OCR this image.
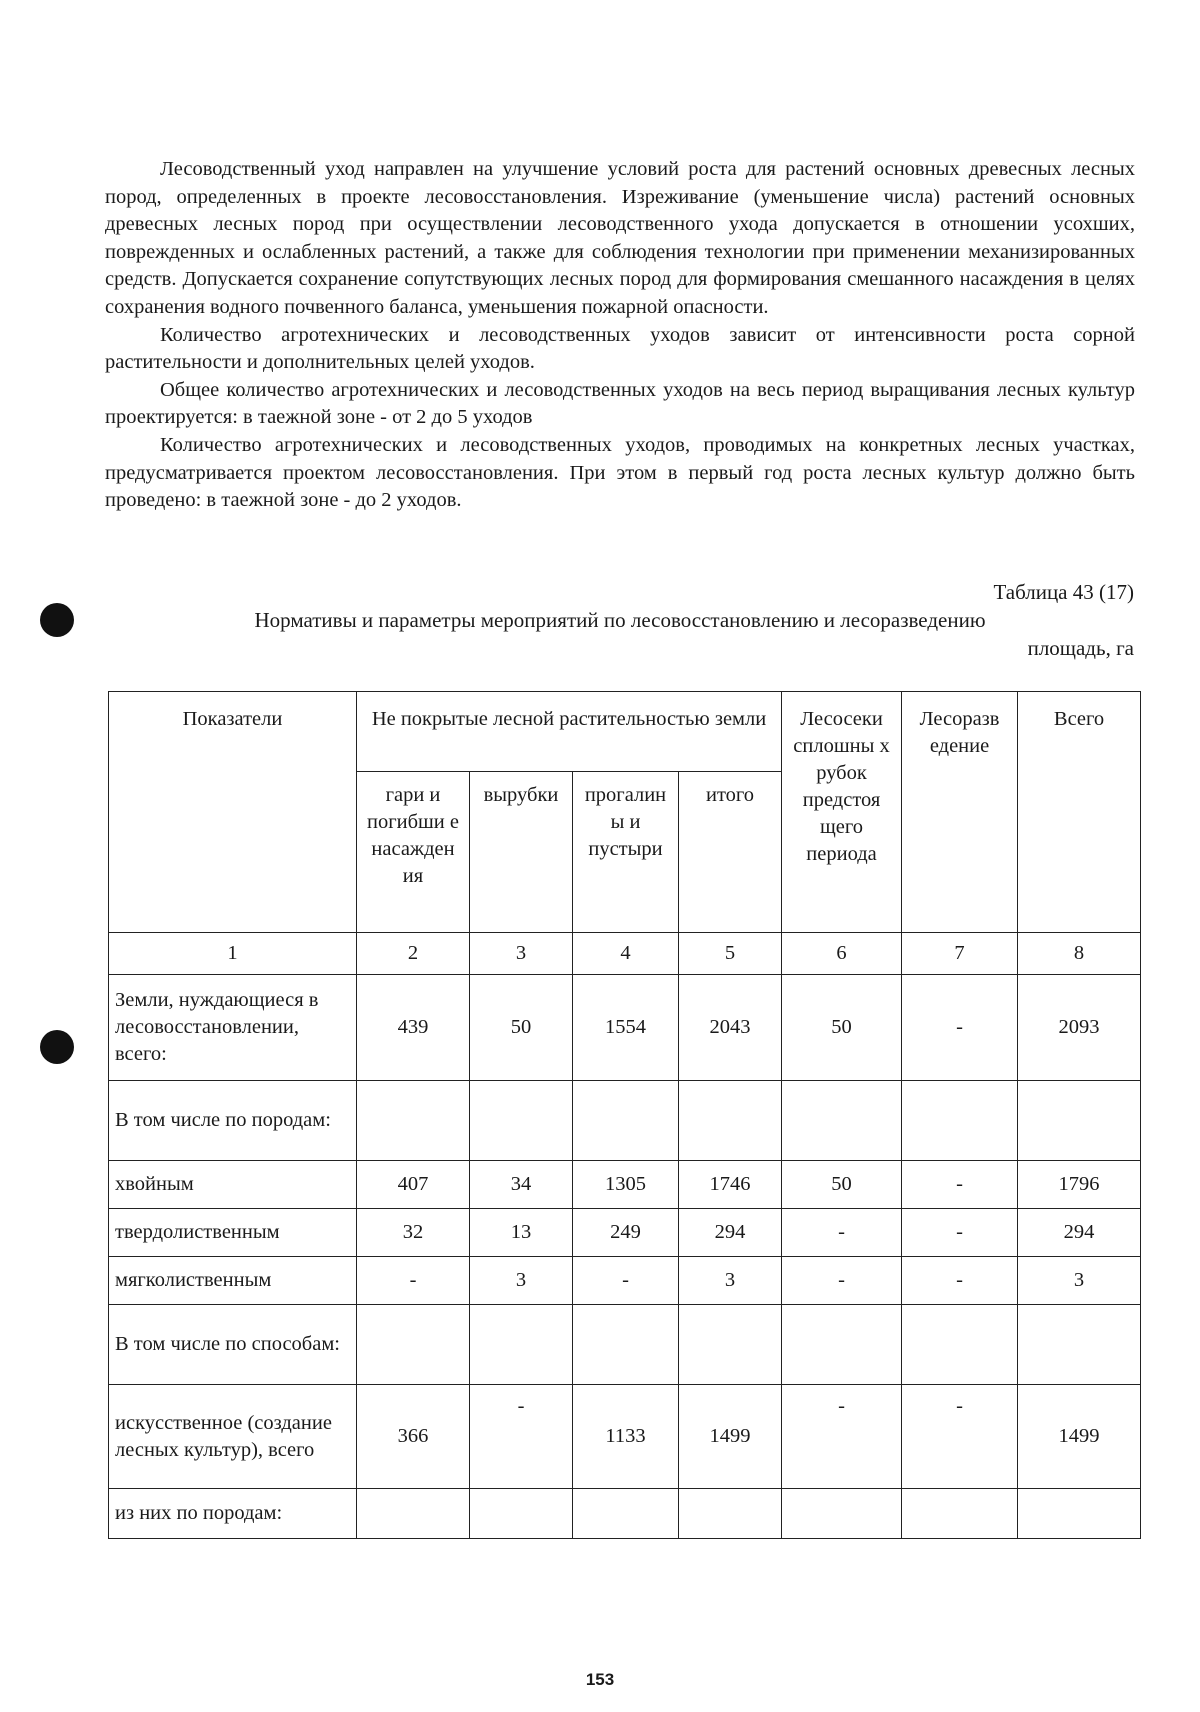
Лесоводственный уход направлен на улучшение условий роста для растений основных древесных лесных пород, определенных в проекте лесовосстановления. Изреживание (уменьшение числа) растений основных древесных лесных пород при осуществлении лесоводственного ухода допускается в отношении усохших, поврежденных и ослабленных растений, а также для соблюдения технологии при применении механизированных средств. Допускается сохранение сопутствующих лесных пород для формирования смешанного насаждения в целях сохранения водного почвенного баланса, уменьшения пожарной опасности.

Количество агротехнических и лесоводственных уходов зависит от интенсивности роста сорной растительности и дополнительных целей уходов.

Общее количество агротехнических и лесоводственных уходов на весь период выращивания лесных культур проектируется: в таежной зоне - от 2 до 5 уходов

Количество агротехнических и лесоводственных уходов, проводимых на конкретных лесных участках, предусматривается проектом лесовосстановления. При этом в первый год роста лесных культур должно быть проведено: в таежной зоне - до 2 уходов.

Таблица 43 (17)
Нормативы и параметры мероприятий по лесовосстановлению и лесоразведению
площадь, га
Показатели	Не покрытые лесной растительностью земли				Лесосеки сплошны х рубок предстоя щего периода	Лесоразв едение	Всего
	гари и погибши е насажден ия	вырубки	прогалин ы и пустыри	итого			
1	2	3	4	5	6	7	8
Земли, нуждающиеся в лесовосстановлении, всего:	439	50	1554	2043	50	-	2093
В том числе по породам:							
хвойным	407	34	1305	1746	50	-	1796
твердолиственным	32	13	249	294	-	-	294
мягколиственным	-	3	-	3	-	-	3
В том числе по способам:							
искусственное (создание лесных культур), всего	366	-	1133	1499	-	-	1499
из них по породам:							
153
